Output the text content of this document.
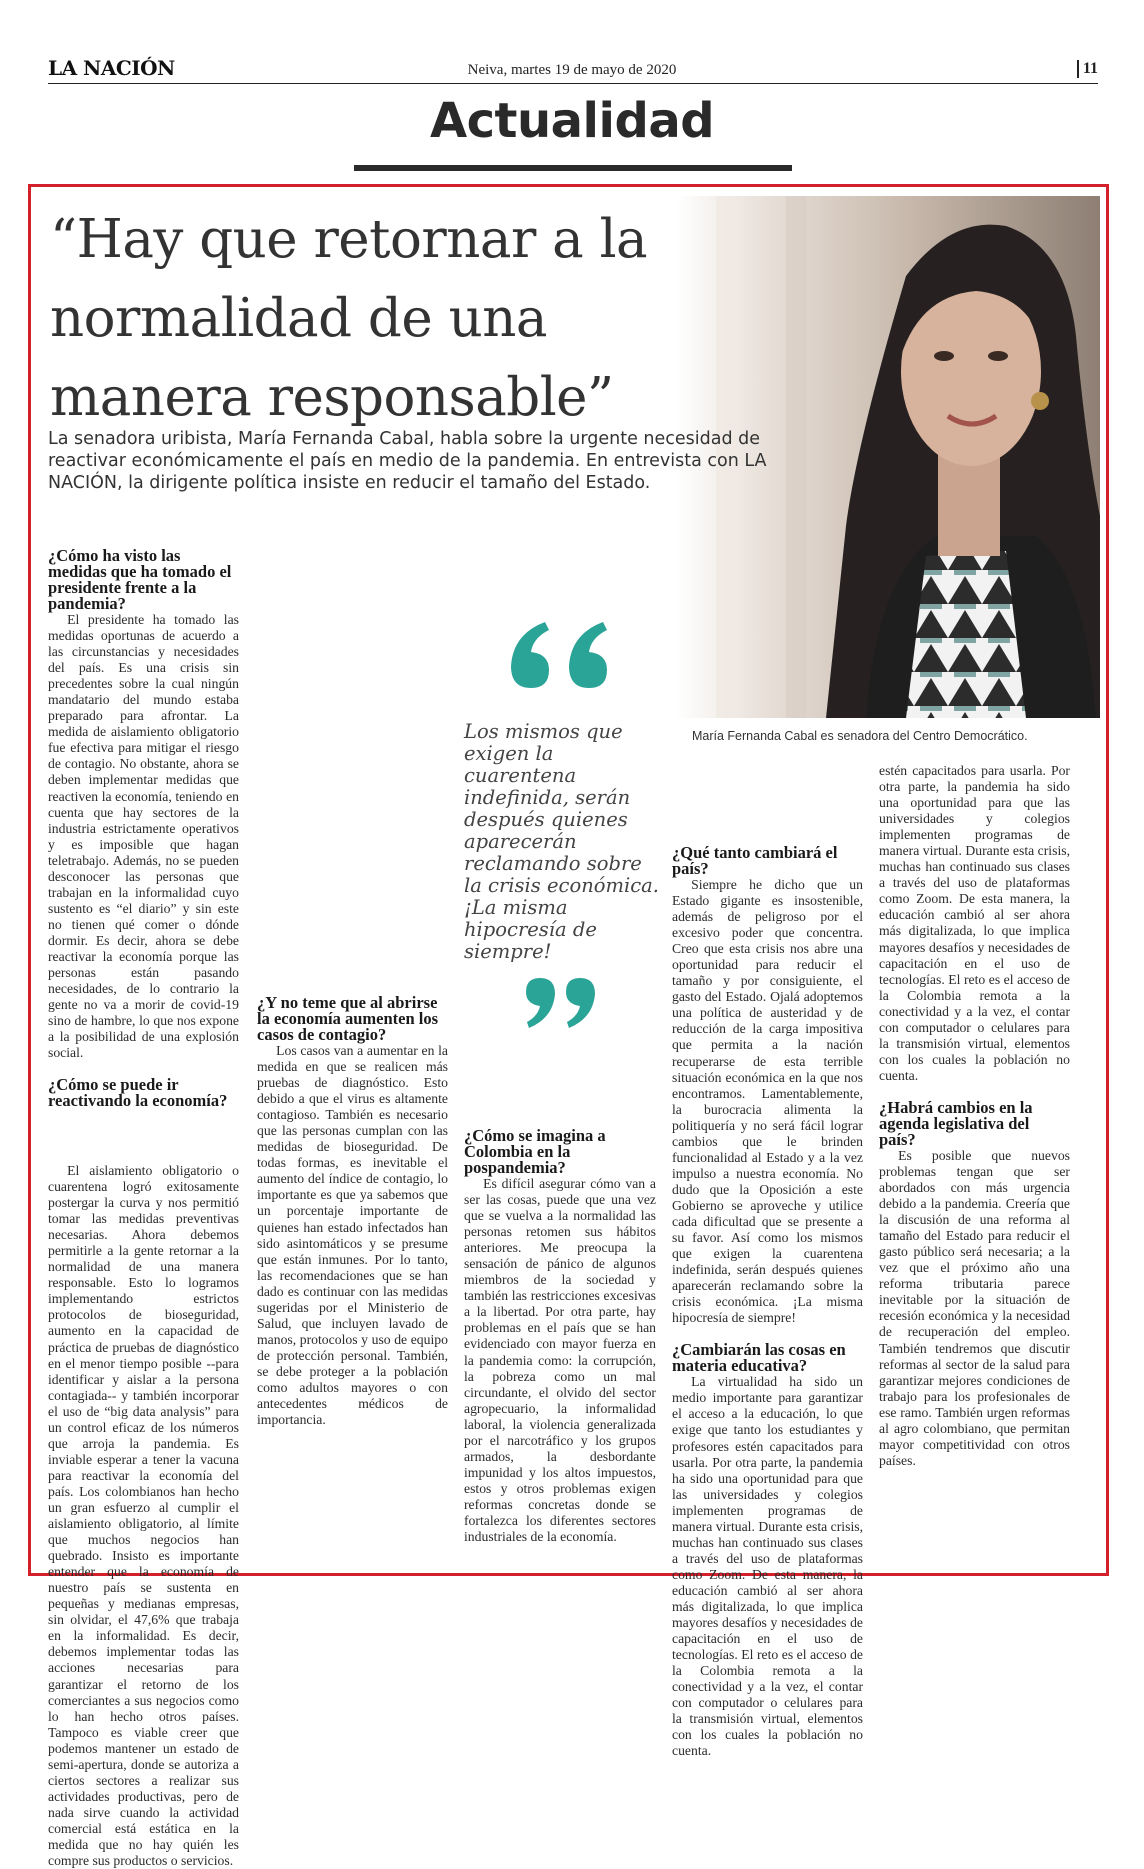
LA NACIÓN	Neiva, martes 19 de mayo de 2020	11
Actualidad
“Hay que retornar a la normalidad de una manera responsable”
La senadora uribista, María Fernanda Cabal, habla sobre la urgente necesidad de reactivar económicamente el país en medio de la pandemia. En entrevista con LA NACIÓN, la dirigente política insiste en reducir el tamaño del Estado.
María Fernanda Cabal es senadora del Centro Democrático.
¿Cómo ha visto las medidas que ha tomado el presidente frente a la pandemia?

El presidente ha tomado las medidas oportunas de acuerdo a las circunstancias y necesidades del país. Es una crisis sin precedentes sobre la cual ningún mandatario del mundo estaba preparado para afrontar. La medida de aislamiento obligatorio fue efectiva para mitigar el riesgo de contagio. No obstante, ahora se deben implementar medidas que reactiven la economía, teniendo en cuenta que hay sectores de la industria estrictamente operativos y es imposible que hagan teletrabajo. Además, no se pueden desconocer las personas que trabajan en la informalidad cuyo sustento es “el diario” y sin este no tienen qué comer o dónde dormir. Es decir, ahora se debe reactivar la economía porque las personas están pasando necesidades, de lo contrario la gente no va a morir de covid-19 sino de hambre, lo que nos expone a la posibilidad de una explosión social.

¿Cómo se puede ir reactivando la economía?

El aislamiento obligatorio o cuarentena logró exitosamente postergar la curva y nos permitió tomar las medidas preventivas necesarias. Ahora debemos permitirle a la gente retornar a la normalidad de una manera responsable. Esto lo logramos implementando estrictos protocolos de bioseguridad, aumento en la capacidad de práctica de pruebas de diagnóstico en el menor tiempo posible --para identificar y aislar a la persona contagiada-- y también incorporar el uso de “big data analysis” para un control eficaz de los números que arroja la pandemia. Es inviable esperar a tener la vacuna para reactivar la economía del país. Los colombianos han hecho un gran esfuerzo al cumplir el aislamiento obligatorio, al límite que muchos negocios han quebrado. Insisto es importante entender que la economía de nuestro país se sustenta en pequeñas y medianas empresas, sin olvidar, el 47,6% que trabaja en la informalidad. Es decir, debemos implementar todas las acciones necesarias para garantizar el retorno de los comerciantes a sus negocios como lo han hecho otros países. Tampoco es viable creer que podemos mantener un estado de semi-apertura, donde se autoriza a ciertos sectores a realizar sus actividades productivas, pero de nada sirve cuando la actividad comercial está estática en la medida que no hay quién les compre sus productos o servicios.

¿Y no teme que al abrirse la economía aumenten los casos de contagio?

Los casos van a aumentar en la medida en que se realicen más pruebas de diagnóstico. Esto debido a que el virus es altamente contagioso. También es necesario que las personas cumplan con las medidas de bioseguridad. De todas formas, es inevitable el aumento del índice de contagio, lo importante es que ya sabemos que un porcentaje importante de quienes han estado infectados han sido asintomáticos y se presume que están inmunes. Por lo tanto, las recomendaciones que se han dado es continuar con las medidas sugeridas por el Ministerio de Salud, que incluyen lavado de manos, protocolos y uso de equipo de protección personal. También, se debe proteger a la población como adultos mayores o con antecedentes médicos de importancia.

Los mismos que exigen la cuarentena indefinida, serán después quienes aparecerán reclamando sobre la crisis económica. ¡La misma hipocresía de siempre!
¿Cómo se imagina a Colombia en la pospandemia?

Es difícil asegurar cómo van a ser las cosas, puede que una vez que se vuelva a la normalidad las personas retomen sus hábitos anteriores. Me preocupa la sensación de pánico de algunos miembros de la sociedad y también las restricciones excesivas a la libertad. Por otra parte, hay problemas en el país que se han evidenciado con mayor fuerza en la pandemia como: la corrupción, la pobreza como un mal circundante, el olvido del sector agropecuario, la informalidad laboral, la violencia generalizada por el narcotráfico y los grupos armados, la desbordante impunidad y los altos impuestos, estos y otros problemas exigen reformas concretas donde se fortalezca los diferentes sectores industriales de la economía.

¿Qué tanto cambiará el país?

Siempre he dicho que un Estado gigante es insostenible, además de peligroso por el excesivo poder que concentra. Creo que esta crisis nos abre una oportunidad para reducir el tamaño y por consiguiente, el gasto del Estado. Ojalá adoptemos una política de austeridad y de reducción de la carga impositiva que permita a la nación recuperarse de esta terrible situación económica en la que nos encontramos. Lamentablemente, la burocracia alimenta la politiquería y no será fácil lograr cambios que le brinden funcionalidad al Estado y a la vez impulso a nuestra economía. No dudo que la Oposición a este Gobierno se aproveche y utilice cada dificultad que se presente a su favor. Así como los mismos que exigen la cuarentena indefinida, serán después quienes aparecerán reclamando sobre la crisis económica. ¡La misma hipocresía de siempre!

¿Cambiarán las cosas en materia educativa?

La virtualidad ha sido un medio importante para garantizar el acceso a la educación, lo que exige que tanto los estudiantes y profesores estén capacitados para usarla. Por otra parte, la pandemia ha sido una oportunidad para que las universidades y colegios implementen programas de manera virtual. Durante esta crisis, muchas han continuado sus clases a través del uso de plataformas como Zoom. De esta manera, la educación cambió al ser ahora más digitalizada, lo que implica mayores desafíos y necesidades de capacitación en el uso de tecnologías. El reto es el acceso de la Colombia remota a la conectividad y a la vez, el contar con computador o celulares para la transmisión virtual, elementos con los cuales la población no cuenta.

estén capacitados para usarla. Por otra parte, la pandemia ha sido una oportunidad para que las universidades y colegios implementen programas de manera virtual. Durante esta crisis, muchas han continuado sus clases a través del uso de plataformas como Zoom. De esta manera, la educación cambió al ser ahora más digitalizada, lo que implica mayores desafíos y necesidades de capacitación en el uso de tecnologías. El reto es el acceso de la Colombia remota a la conectividad y a la vez, el contar con computador o celulares para la transmisión virtual, elementos con los cuales la población no cuenta.

¿Habrá cambios en la agenda legislativa del país?

Es posible que nuevos problemas tengan que ser abordados con más urgencia debido a la pandemia. Creería que la discusión de una reforma al tamaño del Estado para reducir el gasto público será necesaria; a la vez que el próximo año una reforma tributaria parece inevitable por la situación de recesión económica y la necesidad de recuperación del empleo. También tendremos que discutir reformas al sector de la salud para garantizar mejores condiciones de trabajo para los profesionales de ese ramo. También urgen reformas al agro colombiano, que permitan mayor competitividad con otros países.
